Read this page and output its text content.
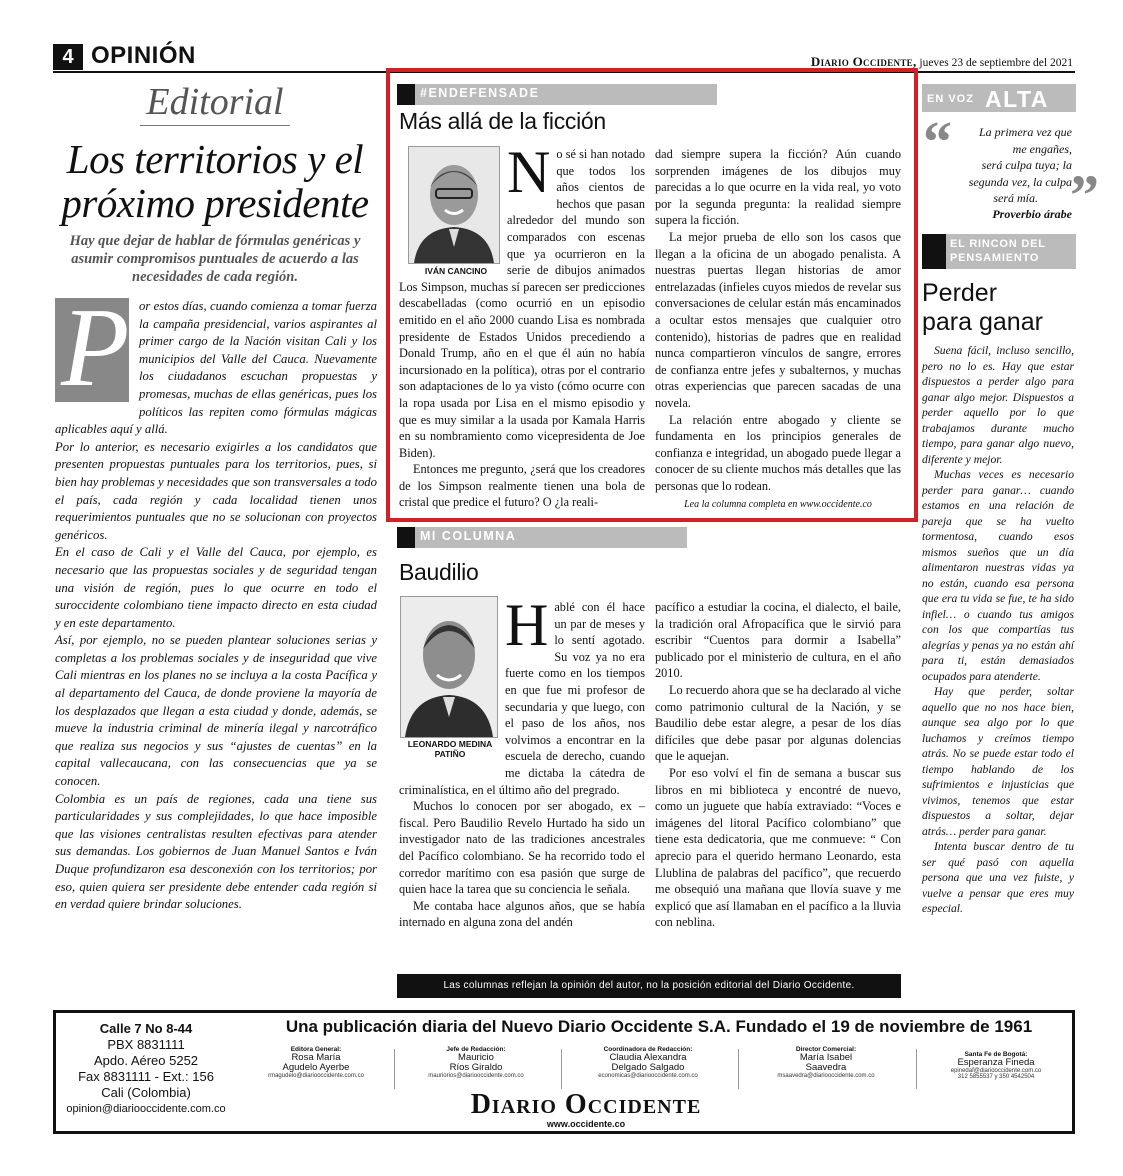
4 OPINIÓN	Diario Occidente, jueves 23 de septiembre del 2021
Editorial
Los territorios y el próximo presidente
Hay que dejar de hablar de fórmulas genéricas y asumir compromisos puntuales de acuerdo a las necesidades de cada región.
P or estos días, cuando comienza a tomar fuerza la campaña presidencial, varios aspirantes al primer cargo de la Nación visitan Cali y los municipios del Valle del Cauca. Nuevamente los ciudadanos escuchan propuestas y promesas, muchas de ellas genéricas, pues los políticos las repiten como fórmulas mágicas aplicables aquí y allá.

Por lo anterior, es necesario exigirles a los candidatos que presenten propuestas puntuales para los territorios, pues, si bien hay problemas y necesidades que son transversales a todo el país, cada región y cada localidad tienen unos requerimientos puntuales que no se solucionan con proyectos genéricos.

En el caso de Cali y el Valle del Cauca, por ejemplo, es necesario que las propuestas sociales y de seguridad tengan una visión de región, pues lo que ocurre en todo el suroccidente colombiano tiene impacto directo en esta ciudad y en este departamento.

Así, por ejemplo, no se pueden plantear soluciones serias y completas a los problemas sociales y de inseguridad que vive Cali mientras en los planes no se incluya a la costa Pacífica y al departamento del Cauca, de donde proviene la mayoría de los desplazados que llegan a esta ciudad y donde, además, se mueve la industria criminal de minería ilegal y narcotráfico que realiza sus negocios y sus “ajustes de cuentas” en la capital vallecaucana, con las consecuencias que ya se conocen.

Colombia es un país de regiones, cada una tiene sus particularidades y sus complejidades, lo que hace imposible que las visiones centralistas resulten efectivas para atender sus demandas. Los gobiernos de Juan Manuel Santos e Iván Duque profundizaron esa desconexión con los territorios; por eso, quien quiera ser presidente debe entender cada región si en verdad quiere brindar soluciones.

#ENDEFENSADE
Más allá de la ficción
IVÁN CANCINO

No sé si han notado que todos los años cientos de hechos que pasan alrededor del mundo son comparados con escenas que ya ocurrieron en la serie de dibujos animados Los Simpson, muchas sí parecen ser predicciones descabelladas (como ocurrió en un episodio emitido en el año 2000 cuando Lisa es nombrada presidente de Estados Unidos precediendo a Donald Trump, año en el que él aún no había incursionado en la política), otras por el contrario son adaptaciones de lo ya visto (cómo ocurre con la ropa usada por Lisa en el mismo episodio y que es muy similar a la usada por Kamala Harris en su nombramiento como vicepresidenta de Joe Biden).

Entonces me pregunto, ¿será que los creadores de los Simpson realmente tienen una bola de cristal que predice el futuro? O ¿la reali-

dad siempre supera la ficción? Aún cuando sorprenden imágenes de los dibujos muy parecidas a lo que ocurre en la vida real, yo voto por la segunda pregunta: la realidad siempre supera la ficción.

La mejor prueba de ello son los casos que llegan a la oficina de un abogado penalista. A nuestras puertas llegan historias de amor entrelazadas (infieles cuyos miedos de revelar sus conversaciones de celular están más encaminados a ocultar estos mensajes que cualquier otro contenido), historias de padres que en realidad nunca compartieron vínculos de sangre, errores de confianza entre jefes y subalternos, y muchas otras experiencias que parecen sacadas de una novela.

La relación entre abogado y cliente se fundamenta en los principios generales de confianza e integridad, un abogado puede llegar a conocer de su cliente muchos más detalles que las personas que lo rodean.

Lea la columna completa en www.occidente.co
MI COLUMNA
Baudilio
LEONARDO MEDINA
PATIÑO

Hablé con él hace un par de meses y lo sentí agotado. Su voz ya no era fuerte como en los tiempos en que fue mi profesor de secundaria y que luego, con el paso de los años, nos volvimos a encontrar en la escuela de derecho, cuando me dictaba la cátedra de criminalística, en el último año del pregrado.

Muchos lo conocen por ser abogado, ex – fiscal. Pero Baudilio Revelo Hurtado ha sido un investigador nato de las tradiciones ancestrales del Pacífico colombiano. Se ha recorrido todo el corredor marítimo con esa pasión que surge de quien hace la tarea que su conciencia le señala.

Me contaba hace algunos años, que se había internado en alguna zona del andén

pacífico a estudiar la cocina, el dialecto, el baile, la tradición oral Afropacífica que le sirvió para escribir “Cuentos para dormir a Isabella” publicado por el ministerio de cultura, en el año 2010.

Lo recuerdo ahora que se ha declarado al viche como patrimonio cultural de la Nación, y se Baudilio debe estar alegre, a pesar de los días difíciles que debe pasar por algunas dolencias que le aquejan.

Por eso volví el fin de semana a buscar sus libros en mi biblioteca y encontré de nuevo, como un juguete que había extraviado: “Voces e imágenes del litoral Pacífico colombiano” que tiene esta dedicatoria, que me conmueve: “ Con aprecio para el querido hermano Leonardo, esta Llublina de palabras del pacífico”, que recuerdo me obsequió una mañana que llovía suave y me explicó que así llamaban en el pacífico a la lluvia con neblina.

EN VOZ ALTA
“	La primera vez que
me engañes,
será culpa tuya; la
segunda vez, la culpa
será mía. ”
Proverbio árabe
EL RINCON DEL
PENSAMIENTO
Perder
para ganar

Suena fácil, incluso sencillo, pero no lo es. Hay que estar dispuestos a perder algo para ganar algo mejor. Dispuestos a perder aquello por lo que trabajamos durante mucho tiempo, para ganar algo nuevo, diferente y mejor.

Muchas veces es necesario perder para ganar… cuando estamos en una relación de pareja que se ha vuelto tormentosa, cuando esos mismos sueños que un día alimentaron nuestras vidas ya no están, cuando esa persona que era tu vida se fue, te ha sido infiel… o cuando tus amigos con los que compartías tus alegrías y penas ya no están ahí para ti, están demasiados ocupados para atenderte.

Hay que perder, soltar aquello que no nos hace bien, aunque sea algo por lo que luchamos y creímos tiempo atrás. No se puede estar todo el tiempo hablando de los sufrimientos e injusticias que vivimos, tenemos que estar dispuestos a soltar, dejar atrás… perder para ganar.

Intenta buscar dentro de tu ser qué pasó con aquella persona que una vez fuiste, y vuelve a pensar que eres muy especial.

Las columnas reflejan la opinión del autor, no la posición editorial del Diario Occidente.
Calle 7 No 8-44
PBX 8831111
Apdo. Aéreo 5252
Fax 8831111 - Ext.: 156
Cali (Colombia)
opinion@diariooccidente.com.co
Una publicación diaria del Nuevo Diario Occidente S.A. Fundado el 19 de noviembre de 1961
Editora General:
Rosa María
Agudelo Ayerbe
rmagudelo@diariooccidente.com.co
Jefe de Redacción:
Mauricio
Ríos Giraldo
mauriorios@diariooccidente.com.co
Coordinadora de Redacción:
Claudia Alexandra
Delgado Salgado
economicas@diariooccidente.com.co
Director Comercial:
María Isabel
Saavedra
msaavedra@diariooccidente.com.co
Santa Fe de Bogotá:
Esperanza Fineda
epinedaf@diariooccidente.com.co
312 5855537 y 350 4542504
Diario Occidente
www.occidente.co
